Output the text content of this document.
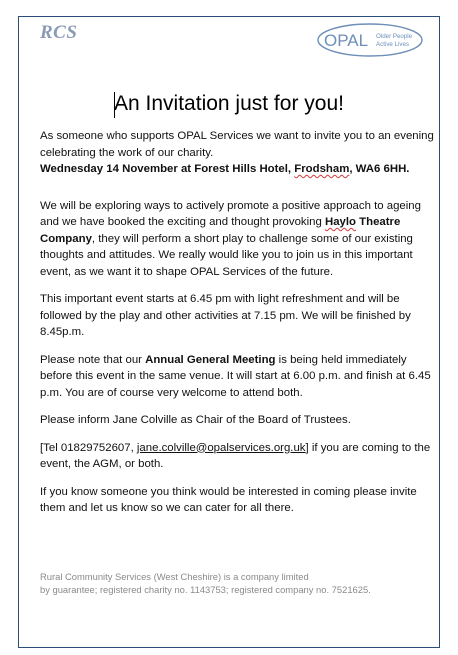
RCS	OPAL Older People
Active Lives
An Invitation just for you!

As someone who supports OPAL Services we want to invite you to an evening celebrating the work of our charity.
Wednesday 14 November at Forest Hills Hotel, Frodsham, WA6 6HH.

We will be exploring ways to actively promote a positive approach to ageing and we have booked the exciting and thought provoking Haylo Theatre Company, they will perform a short play to challenge some of our existing thoughts and attitudes. We really would like you to join us in this important event, as we want it to shape OPAL Services of the future.

This important event starts at 6.45 pm with light refreshment and will be followed by the play and other activities at 7.15 pm. We will be finished by 8.45p.m.

Please note that our Annual General Meeting is being held immediately before this event in the same venue. It will start at 6.00 p.m. and finish at 6.45 p.m. You are of course very welcome to attend both.

Please inform Jane Colville as Chair of the Board of Trustees.

[Tel 01829752607, jane.colville@opalservices.org.uk] if you are coming to the event, the AGM, or both.

If you know someone you think would be interested in coming please invite them and let us know so we can cater for all there.

Rural Community Services (West Cheshire) is a company limited

by guarantee; registered charity no. 1143753; registered company no. 7521625.
